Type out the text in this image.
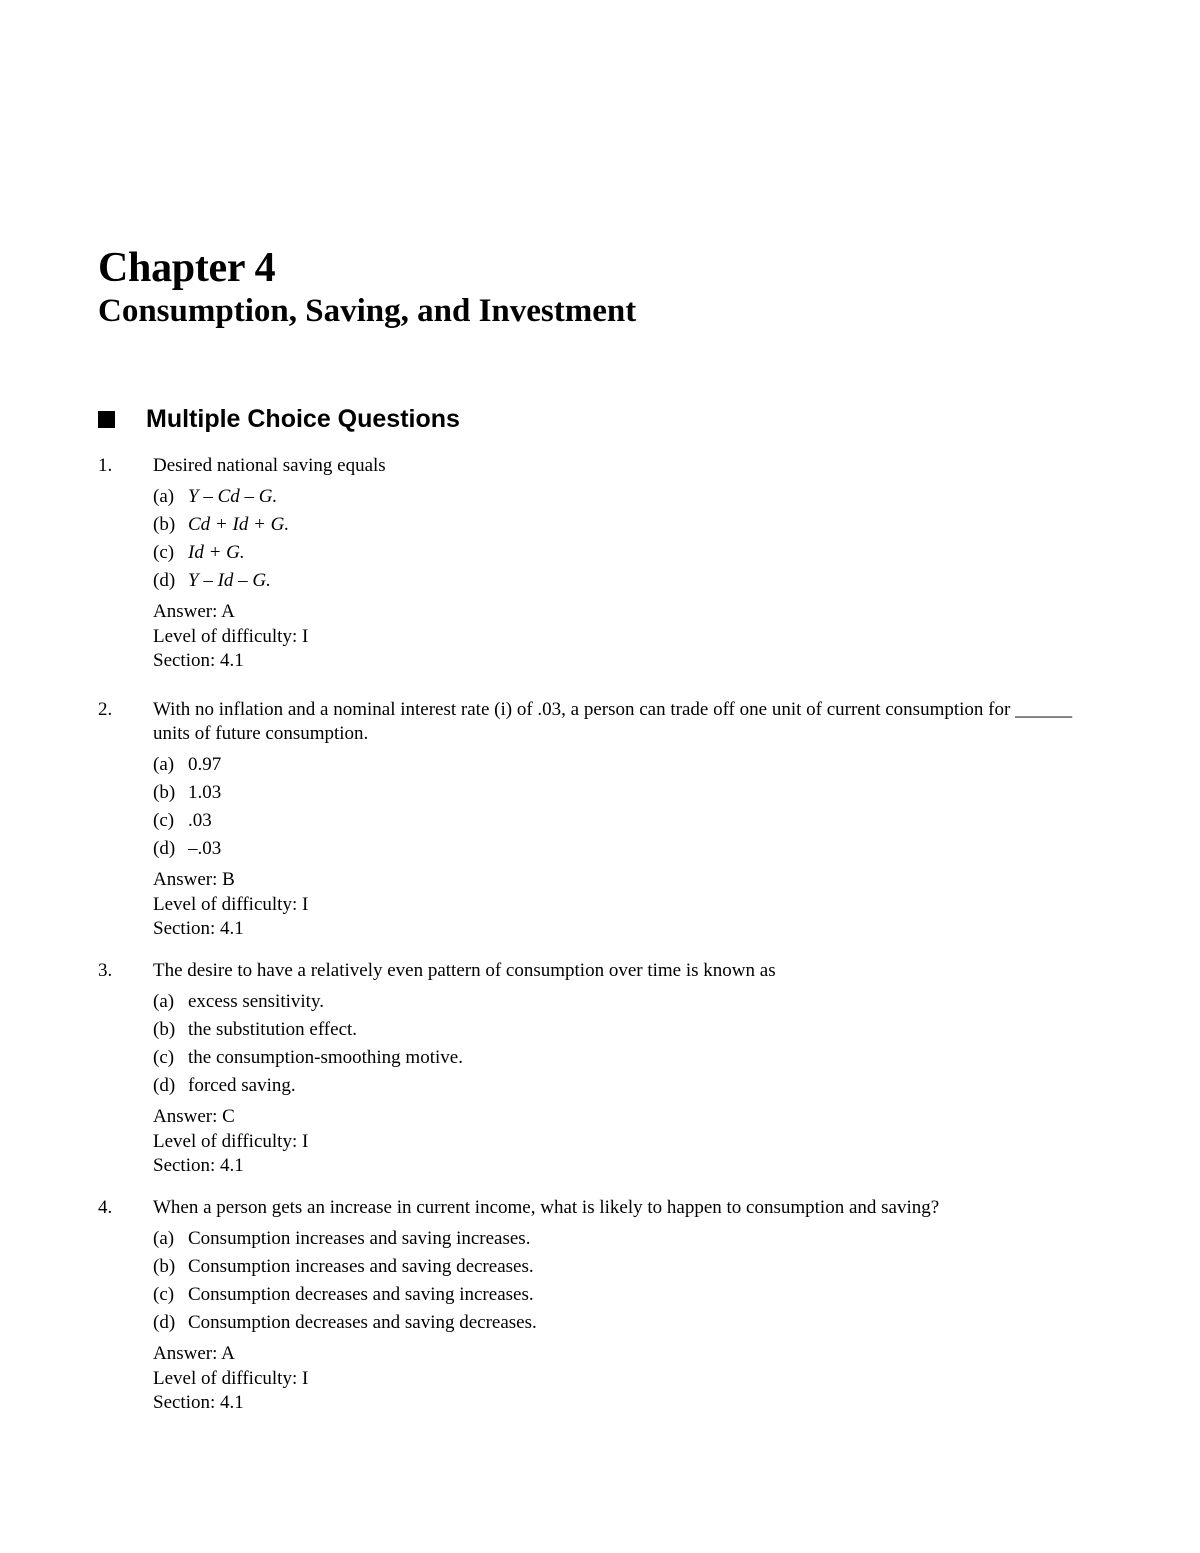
Chapter 4
Consumption, Saving, and Investment
Multiple Choice Questions
1. Desired national saving equals

(a) Y – Cd – G.
(b) Cd + Id + G.
(c) Id + G.
(d) Y – Id – G.
Answer: A
Level of difficulty: I
Section: 4.1
2. With no inflation and a nominal interest rate (i) of .03, a person can trade off one unit of current consumption for ______ units of future consumption.

(a) 0.97
(b) 1.03
(c) .03
(d) –.03
Answer: B
Level of difficulty: I
Section: 4.1
3. The desire to have a relatively even pattern of consumption over time is known as

(a) excess sensitivity.
(b) the substitution effect.
(c) the consumption-smoothing motive.
(d) forced saving.
Answer: C
Level of difficulty: I
Section: 4.1
4. When a person gets an increase in current income, what is likely to happen to consumption and saving?

(a) Consumption increases and saving increases.
(b) Consumption increases and saving decreases.
(c) Consumption decreases and saving increases.
(d) Consumption decreases and saving decreases.
Answer: A
Level of difficulty: I
Section: 4.1
